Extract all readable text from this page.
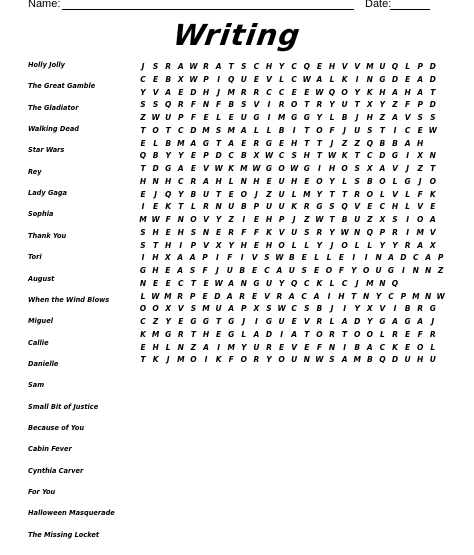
Name:	Date:
Writing
Holly Jolly
The Great Gamble
The Gladiator
Walking Dead
Star Wars
Rey
Lady Gaga
Sophia
Thank You
Tori
August
When the Wind Blows
Miguel
Callie
Danielle
Sam
Small Bit of Justice
Because of You
Cabin Fever
Cynthia Carver
For You
Halloween Masquerade
The Missing Locket
J	S R A W R A T S C H Y C Q E H V V M U Q L P D
C E B X W P	I	Q U E V L C W A L K	I	N G D E A D
Y V A E D H	J M R R C C E E W Q O Y K H A H A T
S S Q R F N F B S V	I	R O T R Y U T X Y Z F P D
Z W U P F E	L	E U G	I M G G Y	L B	J	H Z A V S S
T O T C D M S M A L	L B	I	T O F	J	U S T	I	C E W
E	L B M A G T A E R G E H T T	J	Z Z Q B B A H
Q B Y Y E P D C B X W C S H T W K T C D G	I	X N
T D G A E V W K M W G O W G	I	H O S X A V	J	Z T
H N H C R A H L N H E U H E O Y L	S B O L G	J	O
E	J	Q Y B U T E O	J	Z U L M Y T T R O L V L	F K
I	E K T	L R N U B P U U K R G S Q V E C H L V E
M W F N O V Y Z	I	E H P	J	Z W T B U Z X S	I	O A
S H E H S N E R F F K V U S R Y W N Q P R	I M V
S T H	I	P V X Y H E H O L	L Y	J	O L	L Y Y R A X
I	H X A A P	I	F	I	V S W B E L	L E	I	I	N A D C A P
G H E A S F	J	U B E C A U S E O F Y O U G	I	N N Z
N E E C T E W A N G U Y Q C K L C	J M N Q
L W M R P E D A R E V R A C A	I	H T N Y C P M N W
O O X V S M U A P X S W C S B	J	I	Y X V	I	B R G
C Z Y E G G T G	J	I	G U E V R L A D Y G A G A	J
K M G R T H E G L A D	I	A T O R T O O L R E F R
E H L N Z A	I M Y U R E V E F N	I	B A C K E O L
T K	J M O	I	K F O R Y O U N W S A M B Q D U H U
